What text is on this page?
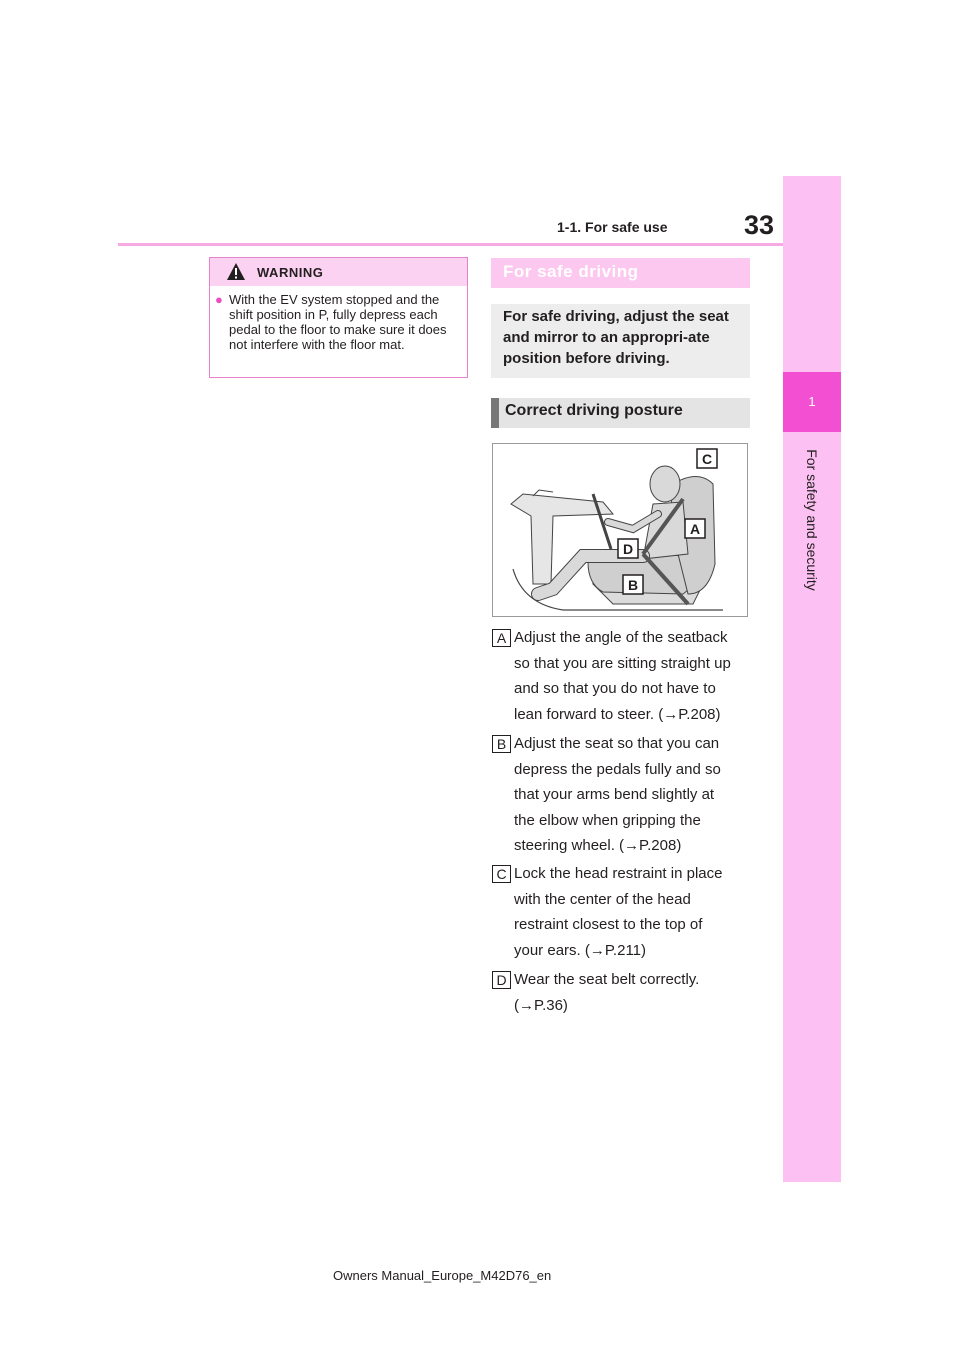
33
1-1. For safe use
1
For safety and security
WARNING
● With the EV system stopped and the shift position in P, fully depress each pedal to the floor to make sure it does not interfere with the floor mat.
For safe driving
For safe driving, adjust the seat and mirror to an appropri-ate position before driving.
Correct driving posture
C
A
D
B
A Adjust the angle of the seatback
so that you are sitting straight up
and so that you do not have to
lean forward to steer. (→P.208)
B Adjust the seat so that you can
depress the pedals fully and so
that your arms bend slightly at
the elbow when gripping the
steering wheel. (→P.208)
C Lock the head restraint in place
with the center of the head
restraint closest to the top of
your ears. (→P.211)
D Wear the seat belt correctly.
(→P.36)
Owners Manual_Europe_M42D76_en
